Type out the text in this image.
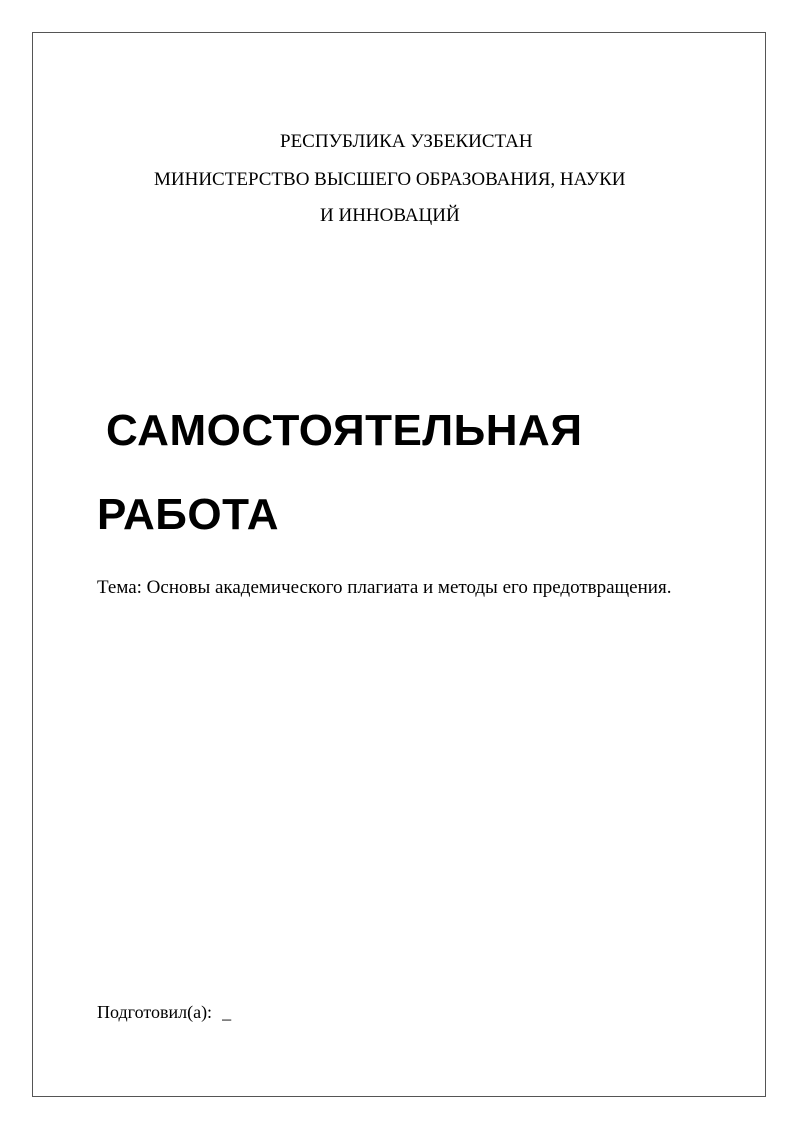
РЕСПУБЛИКА УЗБЕКИСТАН
МИНИСТЕРСТВО ВЫСШЕГО ОБРАЗОВАНИЯ, НАУКИ
И ИННОВАЦИЙ
САМОСТОЯТЕЛЬНАЯ
РАБОТА
Тема: Основы академического плагиата и методы его предотвращения.
Подготовил(а): _
